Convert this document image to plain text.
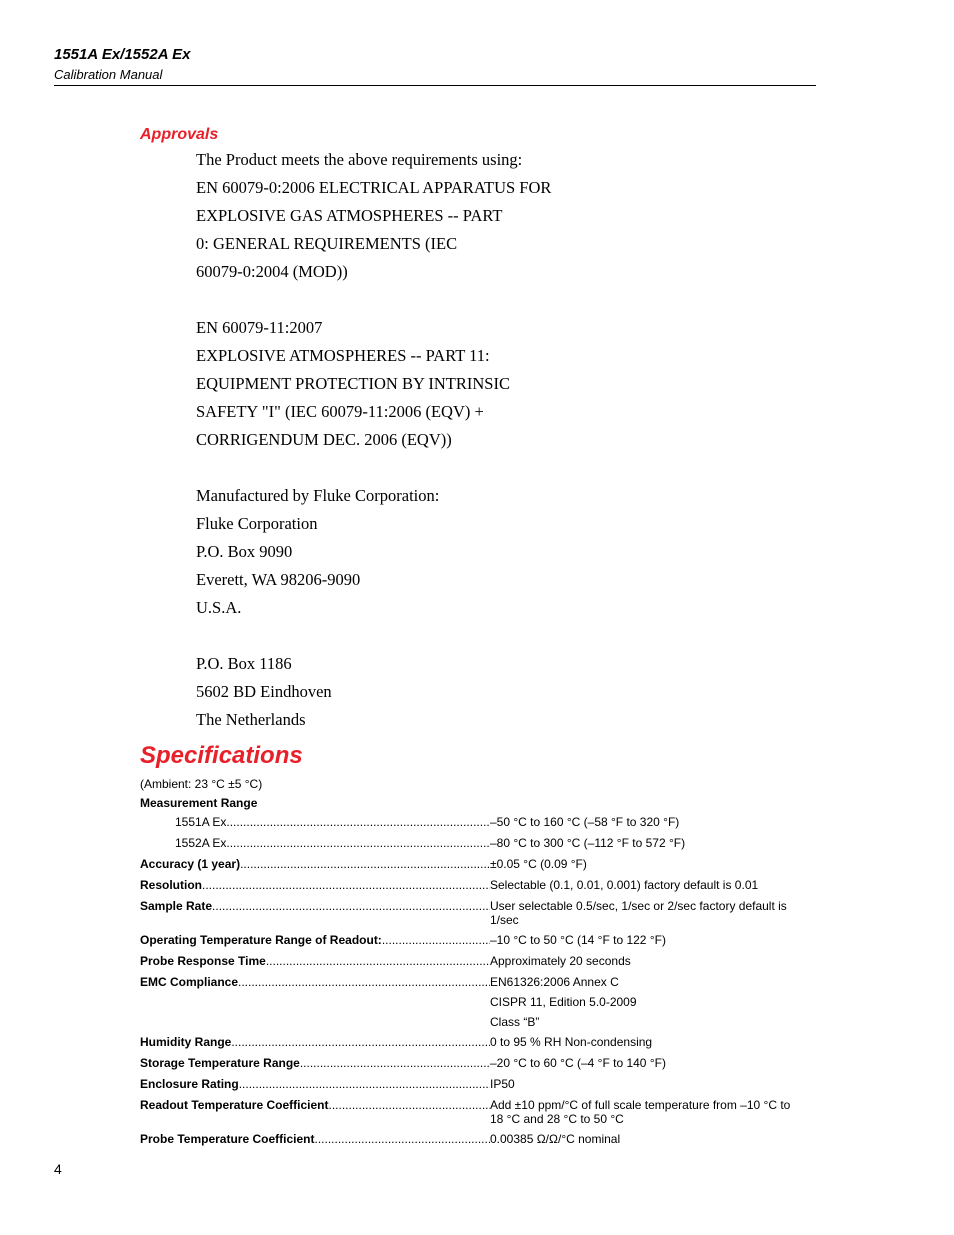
1551A Ex/1552A Ex
Calibration Manual
Approvals
The Product meets the above requirements using:
EN 60079-0:2006 ELECTRICAL APPARATUS FOR
EXPLOSIVE GAS ATMOSPHERES -- PART
0: GENERAL REQUIREMENTS (IEC
60079-0:2004 (MOD))
EN 60079-11:2007
EXPLOSIVE ATMOSPHERES -- PART 11:
EQUIPMENT PROTECTION BY INTRINSIC
SAFETY "I" (IEC 60079-11:2006 (EQV) +
CORRIGENDUM DEC. 2006 (EQV))
Manufactured by Fluke Corporation:
Fluke Corporation
P.O. Box 9090
Everett, WA 98206-9090
U.S.A.
P.O. Box 1186
5602 BD Eindhoven
The Netherlands
Specifications
(Ambient: 23 °C ±5 °C)
Measurement Range
1551A Ex .....	–50 °C to 160 °C (–58 °F to 320 °F)
1552A Ex .....	–80 °C to 300 °C (–112 °F to 572 °F)
Accuracy (1 year) .....	±0.05 °C (0.09 °F)
Resolution .....	Selectable (0.1, 0.01, 0.001) factory default is 0.01
Sample Rate .....	User selectable 0.5/sec, 1/sec or 2/sec factory default is 1/sec
Operating Temperature Range of Readout: .....	–10 °C to 50 °C (14 °F to 122 °F)
Probe Response Time .....	Approximately 20 seconds
EMC Compliance .....	EN61326:2006 Annex C
CISPR 11, Edition 5.0-2009
Class “B”
Humidity Range .....	0 to 95 % RH Non-condensing
Storage Temperature Range .....	–20 °C to 60 °C (–4 °F to 140 °F)
Enclosure Rating .....	IP50
Readout Temperature Coefficient .....	Add ±10 ppm/°C of full scale temperature from –10 °C to 18 °C and 28 °C to 50 °C
Probe Temperature Coefficient .....	0.00385 Ω/Ω/°C nominal
4
